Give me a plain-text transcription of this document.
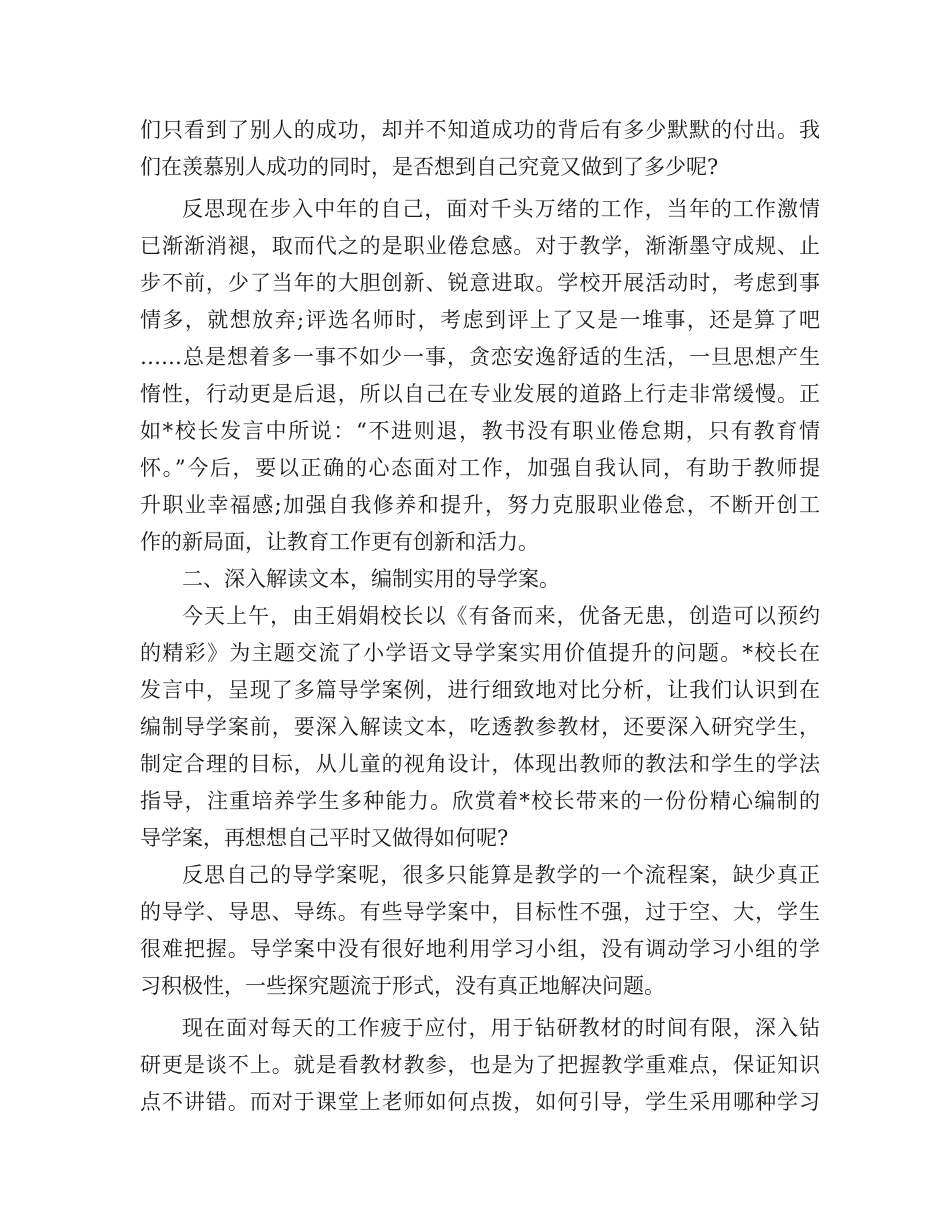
们只看到了别人的成功，却并不知道成功的背后有多少默默的付出。我
们在羡慕别人成功的同时，是否想到自己究竟又做到了多少呢?
反思现在步入中年的自己，面对千头万绪的工作，当年的工作激情
已渐渐消褪，取而代之的是职业倦怠感。对于教学，渐渐墨守成规、止
步不前，少了当年的大胆创新、锐意进取。学校开展活动时，考虑到事
情多，就想放弃;评选名师时，考虑到评上了又是一堆事，还是算了吧
……总是想着多一事不如少一事，贪恋安逸舒适的生活，一旦思想产生
惰性，行动更是后退，所以自己在专业发展的道路上行走非常缓慢。正
如*校长发言中所说：“不进则退，教书没有职业倦怠期，只有教育情
怀。”今后，要以正确的心态面对工作，加强自我认同，有助于教师提
升职业幸福感;加强自我修养和提升，努力克服职业倦怠，不断开创工
作的新局面，让教育工作更有创新和活力。
二、深入解读文本，编制实用的导学案。
今天上午，由王娟娟校长以《有备而来，优备无患，创造可以预约
的精彩》为主题交流了小学语文导学案实用价值提升的问题。*校长在
发言中，呈现了多篇导学案例，进行细致地对比分析，让我们认识到在
编制导学案前，要深入解读文本，吃透教参教材，还要深入研究学生，
制定合理的目标，从儿童的视角设计，体现出教师的教法和学生的学法
指导，注重培养学生多种能力。欣赏着*校长带来的一份份精心编制的
导学案，再想想自己平时又做得如何呢?
反思自己的导学案呢，很多只能算是教学的一个流程案，缺少真正
的导学、导思、导练。有些导学案中，目标性不强，过于空、大，学生
很难把握。导学案中没有很好地利用学习小组，没有调动学习小组的学
习积极性，一些探究题流于形式，没有真正地解决问题。
现在面对每天的工作疲于应付，用于钻研教材的时间有限，深入钻
研更是谈不上。就是看教材教参，也是为了把握教学重难点，保证知识
点不讲错。而对于课堂上老师如何点拨，如何引导，学生采用哪种学习
